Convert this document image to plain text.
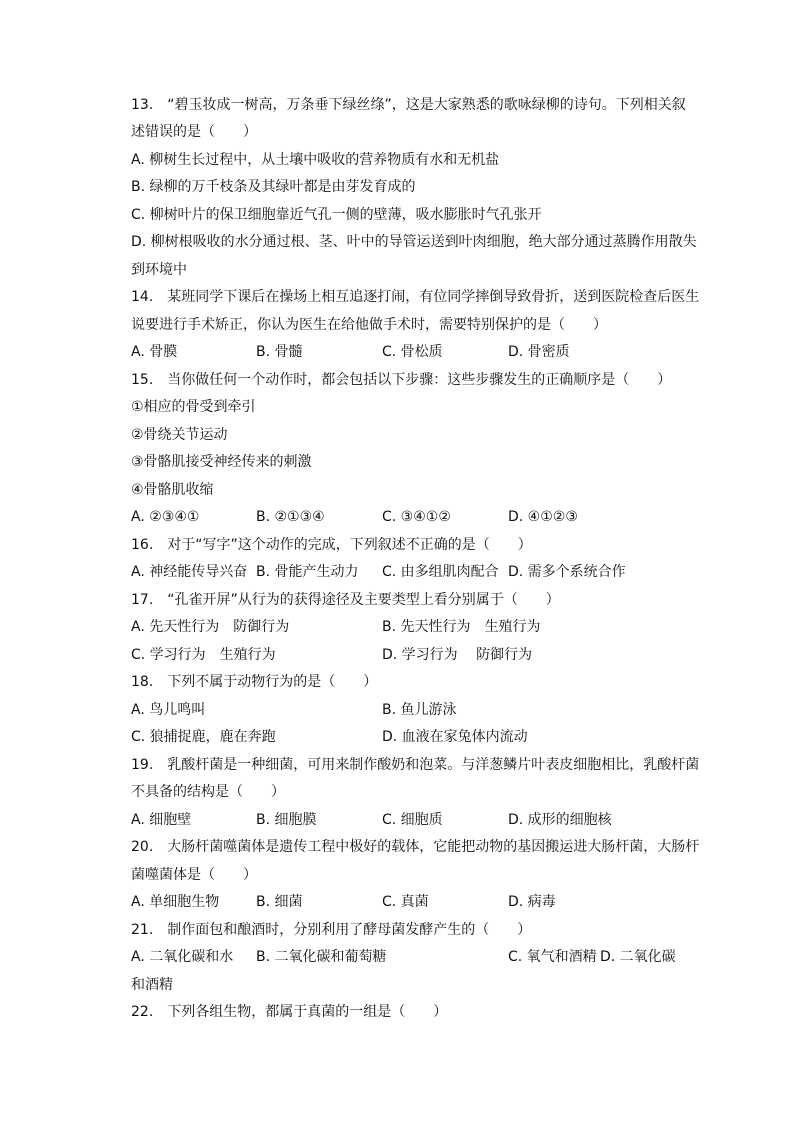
13.　“碧玉妆成一树高，万条垂下绿丝绦”，这是大家熟悉的歌咏绿柳的诗句。下列相关叙
述错误的是（　　）
A. 柳树生长过程中，从土壤中吸收的营养物质有水和无机盐
B. 绿柳的万千枝条及其绿叶都是由芽发育成的
C. 柳树叶片的保卫细胞靠近气孔一侧的壁薄，吸水膨胀时气孔张开
D. 柳树根吸收的水分通过根、茎、叶中的导管运送到叶肉细胞，绝大部分通过蒸腾作用散失
到环境中
14.　某班同学下课后在操场上相互追逐打闹，有位同学摔倒导致骨折，送到医院检查后医生
说要进行手术矫正，你认为医生在给他做手术时，需要特别保护的是（　　）
A. 骨膜	B. 骨髓	C. 骨松质	D. 骨密质
15.　当你做任何一个动作时，都会包括以下步骤：这些步骤发生的正确顺序是（　　）
①相应的骨受到牵引
②骨绕关节运动
③骨骼肌接受神经传来的刺激
④骨骼肌收缩
A. ②③④①	B. ②①③④	C. ③④①②	D. ④①②③
16.　对于“写字”这个动作的完成，下列叙述不正确的是（　　）
A. 神经能传导兴奋 B. 骨能产生动力 C. 由多组肌肉配合 D. 需多个系统合作
17.　“孔雀开屏”从行为的获得途径及主要类型上看分别属于（　　）
A. 先天性行为　防御行为	B. 先天性行为　生殖行为
C. 学习行为　生殖行为	D. 学习行为　 防御行为
18.　下列不属于动物行为的是（　　）
A. 鸟儿鸣叫	B. 鱼儿游泳
C. 狼捕捉鹿，鹿在奔跑	D. 血液在家兔体内流动
19.　乳酸杆菌是一种细菌，可用来制作酸奶和泡菜。与洋葱鳞片叶表皮细胞相比，乳酸杆菌
不具备的结构是（　　）
A. 细胞壁	B. 细胞膜	C. 细胞质	D. 成形的细胞核
20.　大肠杆菌噬菌体是遗传工程中极好的载体，它能把动物的基因搬运进大肠杆菌，大肠杆
菌噬菌体是（　　）
A. 单细胞生物	B. 细菌	C. 真菌	D. 病毒
21.　制作面包和酿酒时，分别利用了酵母菌发酵产生的（　　）
A. 二氧化碳和水 B. 二氧化碳和葡萄糖	C. 氧气和酒精 D. 二氧化碳
和酒精
22.　下列各组生物，都属于真菌的一组是（　　）
